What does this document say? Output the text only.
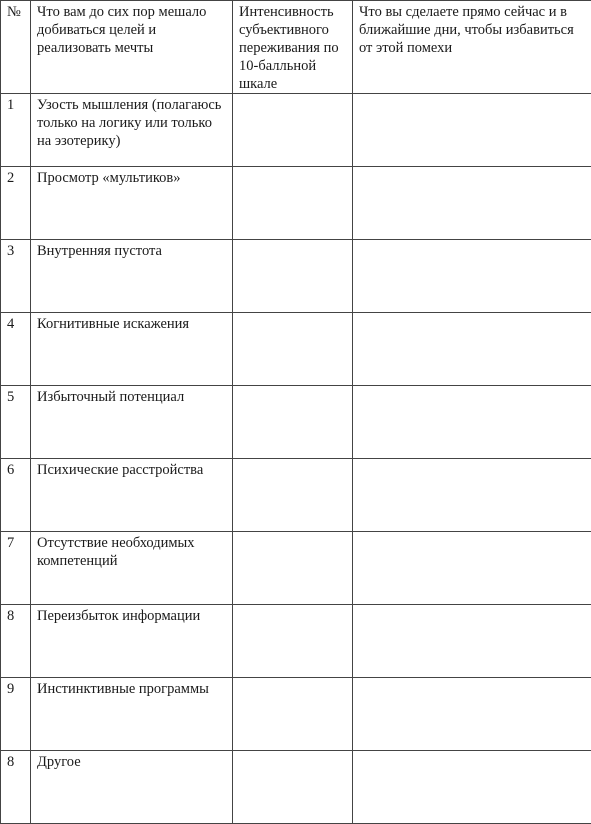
№	Что вам до сих пор мешало добиваться целей и реализовать мечты	Интенсивность субъективного переживания по 10-балльной шкале	Что вы сделаете прямо сейчас и в ближайшие дни, чтобы избавиться от этой помехи
1	Узость мышления (полагаюсь только на логику или только на эзотерику)		
2	Просмотр «мультиков»		
3	Внутренняя пустота		
4	Когнитивные искажения		
5	Избыточный потенциал		
6	Психические расстройства		
7	Отсутствие необходимых компетенций		
8	Переизбыток информации		
9	Инстинктивные программы		
8	Другое		
